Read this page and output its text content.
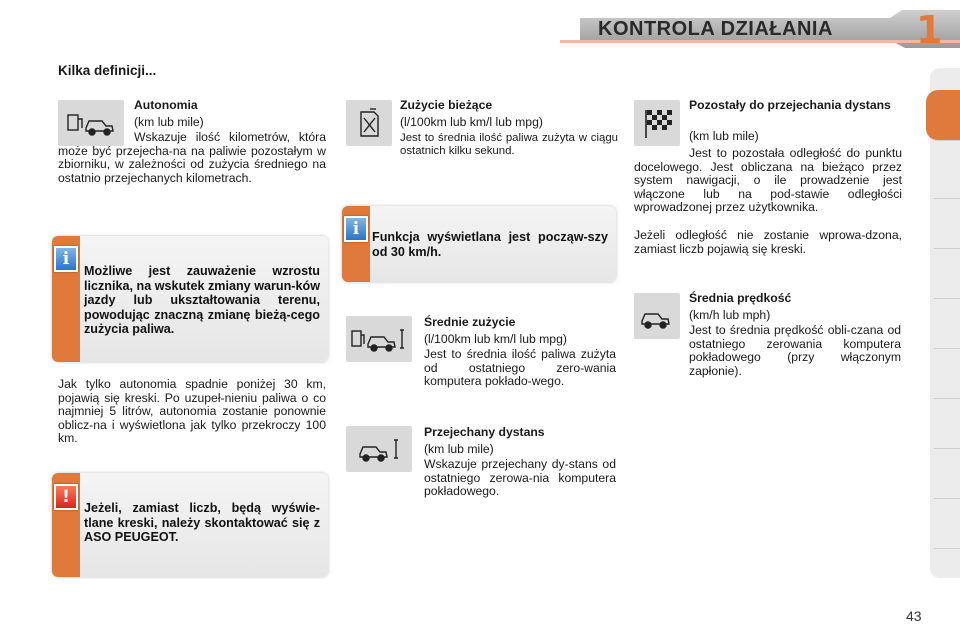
KONTROLA DZIAŁANIA 1
Kilka definicji...
Autonomia
(km lub mile)
Wskazuje ilość kilometrów, która może być przejecha-na na paliwie pozostałym w zbiorniku, w zależności od zużycia średniego na ostatnio przejechanych kilometrach.
Możliwe jest zauważenie wzrostu licznika, na wskutek zmiany warun-ków jazdy lub ukształtowania terenu, powodując znaczną zmianę bieżą-cego zużycia paliwa.
i
Jak tylko autonomia spadnie poniżej 30 km, pojawią się kreski. Po uzupeł-nieniu paliwa o co najmniej 5 litrów, autonomia zostanie ponownie oblicz-na i wyświetlona jak tylko przekroczy 100 km.
Jeżeli, zamiast liczb, będą wyświe-tlane kreski, należy skontaktować się z ASO PEUGEOT.
!
Zużycie bieżące
(l/100km lub km/l lub mpg)
Jest to średnia ilość paliwa zużyta w ciągu ostatnich kilku sekund.
Funkcja wyświetlana jest począw-szy od 30 km/h.
i
Średnie zużycie
(l/100km lub km/l lub mpg)
Jest to średnia ilość paliwa zużyta od ostatniego zero-wania komputera pokłado-wego.
Przejechany dystans
(km lub mile)
Wskazuje przejechany dy-stans od ostatniego zerowa-nia komputera pokładowego.
Pozostały do przejechania dystans
(km lub mile)
Jest to pozostała odległość do punktu docelowego. Jest obliczana na bieżąco przez system nawigacji, o ile prowadzenie jest włączone lub na pod-stawie odległości wprowadzonej przez użytkownika.
Jeżeli odległość nie zostanie wprowa-dzona, zamiast liczb pojawią się kreski.
Średnia prędkość
(km/h lub mph)
Jest to średnia prędkość obli-czana od ostatniego zerowania komputera pokładowego (przy włączonym zapłonie).
43
